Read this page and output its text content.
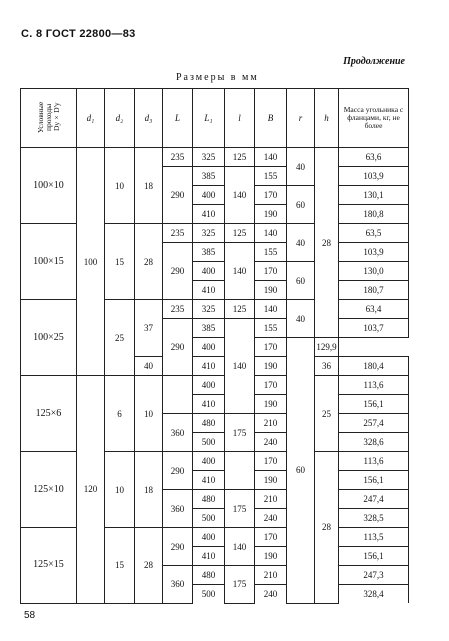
С. 8 ГОСТ 22800—83
Продолжение
Размеры в мм
Условные проходы Dy×D'y	d₁	d₂	d₃	L	L₁	l	B	r	h	Масса угольника с фланцами, кг, не более
100×10	100	10	18	235	325	125	140	40	28	63,6
				290	385	140	155			103,9
					400		170	60		130,1
					410		190			180,8
100×15		15	28	235	325	125	140	40		63,5
				290	385	140	155			103,9
					400		170	60		130,0
					410		190			180,7
100×25		25	37	235	325	125	140	40		63,4
				290	385	140	155			103,7
					400		170	60	129,9	
			40		410		190		36	180,4
125×6	120	6	10		400		170		25	113,6
					410		190			156,1
				360	480	175	210			257,4
					500		240			328,6
125×10		10	18	290	400		170		28	113,6
					410		190			156,1
				360	480	175	210			247,4
					500		240			328,5
125×15		15	28	290	400	140	170			113,5
					410		190			156,1
				360	480	175	210			247,3
					500		240			328,4
58
